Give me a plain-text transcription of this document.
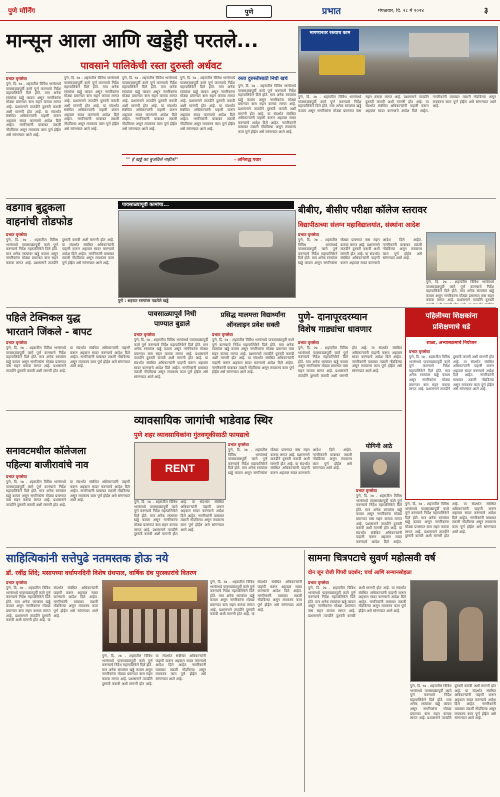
पुणे मॉर्निंग	पुणे	प्रभात	मंगळवार, दि. २८ मे २०२४	३
मान्सून आला आणि खड्डेही परतले...	मागणीनंतर रस्त्याचे काम
पावसाने पालिकेची रस्ता दुरुस्ती अर्धवट
प्रभात वृत्तसेवा
पुणे, दि. २७ - शहरातील विविध भागांमध्ये पावसाळ्यापूर्वी कामे पूर्ण करण्याचे निर्देश महापालिकेने दिले होते. मात्र अनेक रस्त्यांवर खड्डे कायम असून नागरिकांना मोठ्या प्रमाणात त्रास सहन करावा लागत आहे. प्रशासनाने तातडीने दुरुस्ती करावी अशी मागणी होत आहे. या संदर्भात संबंधित अधिकाऱ्यांनी पाहणी करून अहवाल सादर करण्याचे आदेश दिले आहेत. नागरिकांनी याबाबत तक्रारी नोंदविल्या असून लवकरच काम पूर्ण होईल असे सांगण्यात आले आहे.
पुणे, दि. २७ - शहरातील विविध भागांमध्ये पावसाळ्यापूर्वी कामे पूर्ण करण्याचे निर्देश महापालिकेने दिले होते. मात्र अनेक रस्त्यांवर खड्डे कायम असून नागरिकांना मोठ्या प्रमाणात त्रास सहन करावा लागत आहे. प्रशासनाने तातडीने दुरुस्ती करावी अशी मागणी होत आहे. या संदर्भात संबंधित अधिकाऱ्यांनी पाहणी करून अहवाल सादर करण्याचे आदेश दिले आहेत. नागरिकांनी याबाबत तक्रारी नोंदविल्या असून लवकरच काम पूर्ण होईल असे सांगण्यात आले आहे.
पुणे, दि. २७ - शहरातील विविध भागांमध्ये पावसाळ्यापूर्वी कामे पूर्ण करण्याचे निर्देश महापालिकेने दिले होते. मात्र अनेक रस्त्यांवर खड्डे कायम असून नागरिकांना मोठ्या प्रमाणात त्रास सहन करावा लागत आहे. प्रशासनाने तातडीने दुरुस्ती करावी अशी मागणी होत आहे. या संदर्भात संबंधित अधिकाऱ्यांनी पाहणी करून अहवाल सादर करण्याचे आदेश दिले आहेत. नागरिकांनी याबाबत तक्रारी नोंदविल्या असून लवकरच काम पूर्ण होईल असे सांगण्यात आले आहे.
पुणे, दि. २७ - शहरातील विविध भागांमध्ये पावसाळ्यापूर्वी कामे पूर्ण करण्याचे निर्देश महापालिकेने दिले होते. मात्र अनेक रस्त्यांवर खड्डे कायम असून नागरिकांना मोठ्या प्रमाणात त्रास सहन करावा लागत आहे. प्रशासनाने तातडीने दुरुस्ती करावी अशी मागणी होत आहे. या संदर्भात संबंधित अधिकाऱ्यांनी पाहणी करून अहवाल सादर करण्याचे आदेश दिले आहेत. नागरिकांनी याबाबत तक्रारी नोंदविल्या असून लवकरच काम पूर्ण होईल असे सांगण्यात आले आहे.
रस्ता दुरुस्तीसाठी निधी खर्च
पुणे, दि. २७ - शहरातील विविध भागांमध्ये पावसाळ्यापूर्वी कामे पूर्ण करण्याचे निर्देश महापालिकेने दिले होते. मात्र अनेक रस्त्यांवर खड्डे कायम असून नागरिकांना मोठ्या प्रमाणात त्रास सहन करावा लागत आहे. प्रशासनाने तातडीने दुरुस्ती करावी अशी मागणी होत आहे. या संदर्भात संबंधित अधिकाऱ्यांनी पाहणी करून अहवाल सादर करण्याचे आदेश दिले आहेत. नागरिकांनी याबाबत तक्रारी नोंदविल्या असून लवकरच काम पूर्ण होईल असे सांगण्यात आले आहे.
"" हे खड्डे का बुजविले नाहीत?"	- अनिरुद्ध पवार
पुणे, दि. २७ - शहरातील विविध भागांमध्ये पावसाळ्यापूर्वी कामे पूर्ण करण्याचे निर्देश महापालिकेने दिले होते. मात्र अनेक रस्त्यांवर खड्डे कायम असून नागरिकांना मोठ्या प्रमाणात त्रास सहन करावा लागत आहे. प्रशासनाने तातडीने दुरुस्ती करावी अशी मागणी होत आहे. या संदर्भात संबंधित अधिकाऱ्यांनी पाहणी करून अहवाल सादर करण्याचे आदेश दिले आहेत. नागरिकांनी याबाबत तक्रारी नोंदविल्या असून लवकरच काम पूर्ण होईल असे सांगण्यात आले आहे.
वडगाव बुद्रुकला
वाहनांची तोडफोड
प्रभात वृत्तसेवा
पुणे, दि. २७ - शहरातील विविध भागांमध्ये पावसाळ्यापूर्वी कामे पूर्ण करण्याचे निर्देश महापालिकेने दिले होते. मात्र अनेक रस्त्यांवर खड्डे कायम असून नागरिकांना मोठ्या प्रमाणात त्रास सहन करावा लागत आहे. प्रशासनाने तातडीने दुरुस्ती करावी अशी मागणी होत आहे. या संदर्भात संबंधित अधिकाऱ्यांनी पाहणी करून अहवाल सादर करण्याचे आदेश दिले आहेत. नागरिकांनी याबाबत तक्रारी नोंदविल्या असून लवकरच काम पूर्ण होईल असे सांगण्यात आले आहे.
पावसाळ्यापूर्वी कामांचा...
पुणे : शहरात रस्त्यांवर पडलेले खड्डे
बीबीए, बीसीए परीक्षा कॉलेज स्तरावर
विद्यापीठाच्या संलग्न महाविद्यालयांत, संस्थांना आदेश
प्रभात वृत्तसेवा
पुणे, दि. २७ - शहरातील विविध भागांमध्ये पावसाळ्यापूर्वी कामे पूर्ण करण्याचे निर्देश महापालिकेने दिले होते. मात्र अनेक रस्त्यांवर खड्डे कायम असून नागरिकांना मोठ्या प्रमाणात त्रास सहन करावा लागत आहे. प्रशासनाने तातडीने दुरुस्ती करावी अशी मागणी होत आहे. या संदर्भात संबंधित अधिकाऱ्यांनी पाहणी करून अहवाल सादर करण्याचे आदेश दिले आहेत. नागरिकांनी याबाबत तक्रारी नोंदविल्या असून लवकरच काम पूर्ण होईल असे सांगण्यात आले आहे.
पुणे, दि. २७ - शहरातील विविध भागांमध्ये पावसाळ्यापूर्वी कामे पूर्ण करण्याचे निर्देश महापालिकेने दिले होते. मात्र अनेक रस्त्यांवर खड्डे कायम असून नागरिकांना मोठ्या प्रमाणात त्रास सहन करावा लागत आहे. प्रशासनाने तातडीने दुरुस्ती
पहिले टेक्निकल युद्ध
भारताने जिंकले - बापट
प्रभात वृत्तसेवा
पुणे, दि. २७ - शहरातील विविध भागांमध्ये पावसाळ्यापूर्वी कामे पूर्ण करण्याचे निर्देश महापालिकेने दिले होते. मात्र अनेक रस्त्यांवर खड्डे कायम असून नागरिकांना मोठ्या प्रमाणात त्रास सहन करावा लागत आहे. प्रशासनाने तातडीने दुरुस्ती करावी अशी मागणी होत आहे. या संदर्भात संबंधित अधिकाऱ्यांनी पाहणी करून अहवाल सादर करण्याचे आदेश दिले आहेत. नागरिकांनी याबाबत तक्रारी नोंदविल्या असून लवकरच काम पूर्ण होईल असे सांगण्यात आले आहे.
पावसाळ्यापूर्व निधी
पाण्यात बुडाले
प्रभात वृत्तसेवा
पुणे, दि. २७ - शहरातील विविध भागांमध्ये पावसाळ्यापूर्वी कामे पूर्ण करण्याचे निर्देश महापालिकेने दिले होते. मात्र अनेक रस्त्यांवर खड्डे कायम असून नागरिकांना मोठ्या प्रमाणात त्रास सहन करावा लागत आहे. प्रशासनाने तातडीने दुरुस्ती करावी अशी मागणी होत आहे. या संदर्भात संबंधित अधिकाऱ्यांनी पाहणी करून अहवाल सादर करण्याचे आदेश दिले आहेत. नागरिकांनी याबाबत तक्रारी नोंदविल्या असून लवकरच काम पूर्ण होईल असे सांगण्यात आले आहे.
प्रसिद्ध मालमत्ता विद्यार्थ्यांना
ऑनलाइन प्रवेश सक्ती
प्रभात वृत्तसेवा
पुणे, दि. २७ - शहरातील विविध भागांमध्ये पावसाळ्यापूर्वी कामे पूर्ण करण्याचे निर्देश महापालिकेने दिले होते. मात्र अनेक रस्त्यांवर खड्डे कायम असून नागरिकांना मोठ्या प्रमाणात त्रास सहन करावा लागत आहे. प्रशासनाने तातडीने दुरुस्ती करावी अशी मागणी होत आहे. या संदर्भात संबंधित अधिकाऱ्यांनी पाहणी करून अहवाल सादर करण्याचे आदेश दिले आहेत. नागरिकांनी याबाबत तक्रारी नोंदविल्या असून लवकरच काम पूर्ण होईल असे सांगण्यात आले आहे.
पुणे- दानापूरदरम्यान
विशेष गाड्यांचा धावणार
प्रभात वृत्तसेवा
पुणे, दि. २७ - शहरातील विविध भागांमध्ये पावसाळ्यापूर्वी कामे पूर्ण करण्याचे निर्देश महापालिकेने दिले होते. मात्र अनेक रस्त्यांवर खड्डे कायम असून नागरिकांना मोठ्या प्रमाणात त्रास सहन करावा लागत आहे. प्रशासनाने तातडीने दुरुस्ती करावी अशी मागणी होत आहे. या संदर्भात संबंधित अधिकाऱ्यांनी पाहणी करून अहवाल सादर करण्याचे आदेश दिले आहेत. नागरिकांनी याबाबत तक्रारी नोंदविल्या असून लवकरच काम पूर्ण होईल असे सांगण्यात आले आहे.
पहिलीच्या शिक्षकांना
प्रशिक्षणाचे धडे
शाळा, अभ्यासक्रमाचे नियोजन
प्रभात वृत्तसेवा
पुणे, दि. २७ - शहरातील विविध भागांमध्ये पावसाळ्यापूर्वी कामे पूर्ण करण्याचे निर्देश महापालिकेने दिले होते. मात्र अनेक रस्त्यांवर खड्डे कायम असून नागरिकांना मोठ्या प्रमाणात त्रास सहन करावा लागत आहे. प्रशासनाने तातडीने दुरुस्ती करावी अशी मागणी होत आहे. या संदर्भात संबंधित अधिकाऱ्यांनी पाहणी करून अहवाल सादर करण्याचे आदेश दिले आहेत. नागरिकांनी याबाबत तक्रारी नोंदविल्या असून लवकरच काम पूर्ण होईल असे सांगण्यात आले आहे.
व्यावसायिक जागांची भाडेवाढ स्थिर
पुणे शहर व्यावसायिकांना गुंतवणूकीसाठी फायद्याचे
RENT
प्रभात वृत्तसेवा
पुणे, दि. २७ - शहरातील विविध भागांमध्ये पावसाळ्यापूर्वी कामे पूर्ण करण्याचे निर्देश महापालिकेने दिले होते. मात्र अनेक रस्त्यांवर खड्डे कायम असून नागरिकांना मोठ्या प्रमाणात त्रास सहन करावा लागत आहे. प्रशासनाने तातडीने दुरुस्ती करावी अशी मागणी होत आहे. या संदर्भात संबंधित अधिकाऱ्यांनी पाहणी करून अहवाल सादर करण्याचे आदेश दिले आहेत. नागरिकांनी याबाबत तक्रारी नोंदविल्या असून लवकरच काम पूर्ण होईल असे सांगण्यात आले आहे.
पुणे, दि. २७ - शहरातील विविध भागांमध्ये पावसाळ्यापूर्वी कामे पूर्ण करण्याचे निर्देश महापालिकेने दिले होते. मात्र अनेक रस्त्यांवर खड्डे कायम असून नागरिकांना मोठ्या प्रमाणात त्रास सहन करावा लागत आहे. प्रशासनाने तातडीने दुरुस्ती करावी अशी मागणी होत आहे. या संदर्भात संबंधित अधिकाऱ्यांनी पाहणी करून अहवाल सादर करण्याचे आदेश दिले आहेत. नागरिकांनी याबाबत तक्रारी नोंदविल्या असून लवकरच काम पूर्ण होईल असे सांगण्यात आले आहे.
योगिनी आठे
प्रभात वृत्तसेवा
पुणे, दि. २७ - शहरातील विविध भागांमध्ये पावसाळ्यापूर्वी कामे पूर्ण करण्याचे निर्देश महापालिकेने दिले होते. मात्र अनेक रस्त्यांवर खड्डे कायम असून नागरिकांना मोठ्या प्रमाणात त्रास सहन करावा लागत आहे. प्रशासनाने तातडीने दुरुस्ती करावी अशी मागणी होत आहे. या संदर्भात संबंधित अधिकाऱ्यांनी पाहणी करून अहवाल सादर करण्याचे आदेश दिले आहेत.
सनावटमधील कॉलेजला
पहिल्या बाजीरावांचे नाव
प्रभात वृत्तसेवा
पुणे, दि. २७ - शहरातील विविध भागांमध्ये पावसाळ्यापूर्वी कामे पूर्ण करण्याचे निर्देश महापालिकेने दिले होते. मात्र अनेक रस्त्यांवर खड्डे कायम असून नागरिकांना मोठ्या प्रमाणात त्रास सहन करावा लागत आहे. प्रशासनाने तातडीने दुरुस्ती करावी अशी मागणी होत आहे. या संदर्भात संबंधित अधिकाऱ्यांनी पाहणी करून अहवाल सादर करण्याचे आदेश दिले आहेत. नागरिकांनी याबाबत तक्रारी नोंदविल्या असून लवकरच काम पूर्ण होईल असे सांगण्यात आले आहे.
पुणे, दि. २७ - शहरातील विविध भागांमध्ये पावसाळ्यापूर्वी कामे पूर्ण करण्याचे निर्देश महापालिकेने दिले होते. मात्र अनेक रस्त्यांवर खड्डे कायम असून नागरिकांना मोठ्या प्रमाणात त्रास सहन करावा लागत आहे. प्रशासनाने तातडीने दुरुस्ती करावी अशी मागणी होत आहे. या संदर्भात संबंधित अधिकाऱ्यांनी पाहणी करून अहवाल सादर करण्याचे आदेश दिले आहेत. नागरिकांनी याबाबत तक्रारी नोंदविल्या असून लवकरच काम पूर्ण होईल असे सांगण्यात आले आहे.
साहित्यिकांनी सत्तेपुढे नतमस्तक होऊ नये
डॉ. रवींद्र शिंदे; मसापच्या वर्धापनदिनी विशेष ग्रंथपाल, वार्षिक ग्रंथ पुरस्कारांचे वितरण
प्रभात वृत्तसेवा
पुणे, दि. २७ - शहरातील विविध भागांमध्ये पावसाळ्यापूर्वी कामे पूर्ण करण्याचे निर्देश महापालिकेने दिले होते. मात्र अनेक रस्त्यांवर खड्डे कायम असून नागरिकांना मोठ्या प्रमाणात त्रास सहन करावा लागत आहे. प्रशासनाने तातडीने दुरुस्ती करावी अशी मागणी होत आहे. या संदर्भात संबंधित अधिकाऱ्यांनी पाहणी करून अहवाल सादर करण्याचे आदेश दिले आहेत. नागरिकांनी याबाबत तक्रारी नोंदविल्या असून लवकरच काम पूर्ण होईल असे सांगण्यात आले आहे.
पुणे, दि. २७ - शहरातील विविध भागांमध्ये पावसाळ्यापूर्वी कामे पूर्ण करण्याचे निर्देश महापालिकेने दिले होते. मात्र अनेक रस्त्यांवर खड्डे कायम असून नागरिकांना मोठ्या प्रमाणात त्रास सहन करावा लागत आहे. प्रशासनाने तातडीने दुरुस्ती करावी अशी मागणी होत आहे. या संदर्भात संबंधित अधिकाऱ्यांनी पाहणी करून अहवाल सादर करण्याचे आदेश दिले आहेत. नागरिकांनी याबाबत तक्रारी नोंदविल्या असून लवकरच काम पूर्ण होईल असे सांगण्यात आले आहे.
पुणे, दि. २७ - शहरातील विविध भागांमध्ये पावसाळ्यापूर्वी कामे पूर्ण करण्याचे निर्देश महापालिकेने दिले होते. मात्र अनेक रस्त्यांवर खड्डे कायम असून नागरिकांना मोठ्या प्रमाणात त्रास सहन करावा लागत आहे. प्रशासनाने तातडीने दुरुस्ती करावी अशी मागणी होत आहे. या संदर्भात संबंधित अधिकाऱ्यांनी पाहणी करून अहवाल सादर करण्याचे आदेश दिले आहेत. नागरिकांनी याबाबत तक्रारी नोंदविल्या असून लवकरच काम पूर्ण होईल असे सांगण्यात आले आहे.
सामना चित्रपटाचे सुवर्ण महोत्सवी वर्ष
दोन जून रोजी पिंपरी प्रदर्शन; चर्चा आणि सन्मानसोहळा
प्रभात वृत्तसेवा
पुणे, दि. २७ - शहरातील विविध भागांमध्ये पावसाळ्यापूर्वी कामे पूर्ण करण्याचे निर्देश महापालिकेने दिले होते. मात्र अनेक रस्त्यांवर खड्डे कायम असून नागरिकांना मोठ्या प्रमाणात त्रास सहन करावा लागत आहे. प्रशासनाने तातडीने दुरुस्ती करावी अशी मागणी होत आहे. या संदर्भात संबंधित अधिकाऱ्यांनी पाहणी करून अहवाल सादर करण्याचे आदेश दिले आहेत. नागरिकांनी याबाबत तक्रारी नोंदविल्या असून लवकरच काम पूर्ण होईल असे सांगण्यात आले आहे.
पुणे, दि. २७ - शहरातील विविध भागांमध्ये पावसाळ्यापूर्वी कामे पूर्ण करण्याचे निर्देश महापालिकेने दिले होते. मात्र अनेक रस्त्यांवर खड्डे कायम असून नागरिकांना मोठ्या प्रमाणात त्रास सहन करावा लागत आहे. प्रशासनाने तातडीने दुरुस्ती करावी अशी मागणी होत आहे. या संदर्भात संबंधित अधिकाऱ्यांनी पाहणी करून अहवाल सादर करण्याचे आदेश दिले आहेत. नागरिकांनी याबाबत तक्रारी नोंदविल्या असून लवकरच काम पूर्ण होईल असे सांगण्यात आले आहे.
